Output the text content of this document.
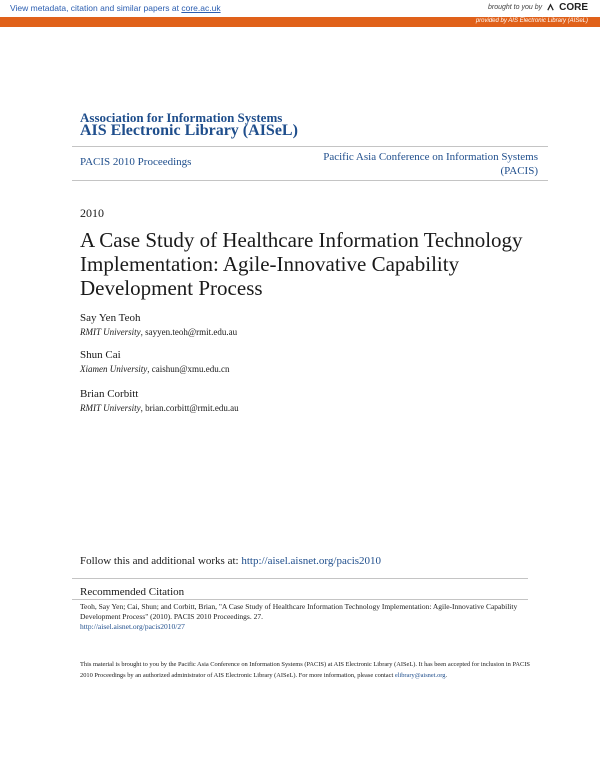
View metadata, citation and similar papers at core.ac.uk	brought to you by CORE
provided by AIS Electronic Library (AISeL)
Association for Information Systems
AIS Electronic Library (AISeL)
PACIS 2010 Proceedings	Pacific Asia Conference on Information Systems (PACIS)
2010
A Case Study of Healthcare Information Technology Implementation: Agile-Innovative Capability Development Process
Say Yen Teoh
RMIT University, sayyen.teoh@rmit.edu.au
Shun Cai
Xiamen University, caishun@xmu.edu.cn
Brian Corbitt
RMIT University, brian.corbitt@rmit.edu.au
Follow this and additional works at: http://aisel.aisnet.org/pacis2010
Recommended Citation
Teoh, Say Yen; Cai, Shun; and Corbitt, Brian, "A Case Study of Healthcare Information Technology Implementation: Agile-Innovative Capability Development Process" (2010). PACIS 2010 Proceedings. 27.
http://aisel.aisnet.org/pacis2010/27
This material is brought to you by the Pacific Asia Conference on Information Systems (PACIS) at AIS Electronic Library (AISeL). It has been accepted for inclusion in PACIS 2010 Proceedings by an authorized administrator of AIS Electronic Library (AISeL). For more information, please contact elibrary@aisnet.org.
